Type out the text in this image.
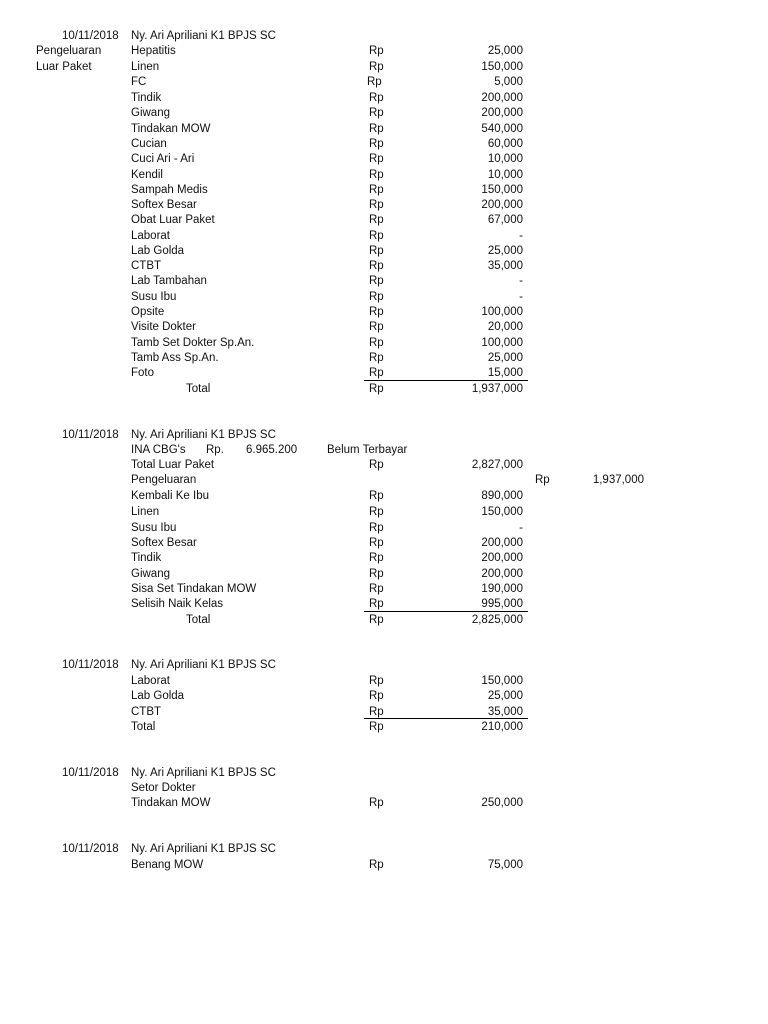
10/11/2018 Ny. Ari Apriliani K1 BPJS SC
Pengeluaran
Luar Paket
Hepatitis	Rp	25,000
Linen	Rp	150,000
FC	Rp	5,000
Tindik	Rp	200,000
Giwang	Rp	200,000
Tindakan MOW	Rp	540,000
Cucian	Rp	60,000
Cuci Ari - Ari	Rp	10,000
Kendil	Rp	10,000
Sampah Medis	Rp	150,000
Softex Besar	Rp	200,000
Obat Luar Paket	Rp	67,000
Laborat	Rp	-
Lab Golda	Rp	25,000
CTBT	Rp	35,000
Lab Tambahan	Rp	-
Susu Ibu	Rp	-
Opsite	Rp	100,000
Visite Dokter	Rp	20,000
Tamb Set Dokter Sp.An.	Rp	100,000
Tamb Ass Sp.An.	Rp	25,000
Foto	Rp	15,000
Total	Rp	1,937,000
10/11/2018 Ny. Ari Apriliani K1 BPJS SC
INA CBG's Rp. 6.965.200	Belum Terbayar
Total Luar Paket	Rp	2,827,000
Pengeluaran	Rp	1,937,000
Kembali Ke Ibu	Rp	890,000
Linen	Rp	150,000
Susu Ibu	Rp	-
Softex Besar	Rp	200,000
Tindik	Rp	200,000
Giwang	Rp	200,000
Sisa Set Tindakan MOW	Rp	190,000
Selisih Naik Kelas	Rp	995,000
Total	Rp	2,825,000
10/11/2018 Ny. Ari Apriliani K1 BPJS SC
Laborat	Rp	150,000
Lab Golda	Rp	25,000
CTBT	Rp	35,000
Total	Rp	210,000
10/11/2018 Ny. Ari Apriliani K1 BPJS SC
Setor Dokter
Tindakan MOW	Rp	250,000
10/11/2018 Ny. Ari Apriliani K1 BPJS SC
Benang MOW	Rp	75,000
